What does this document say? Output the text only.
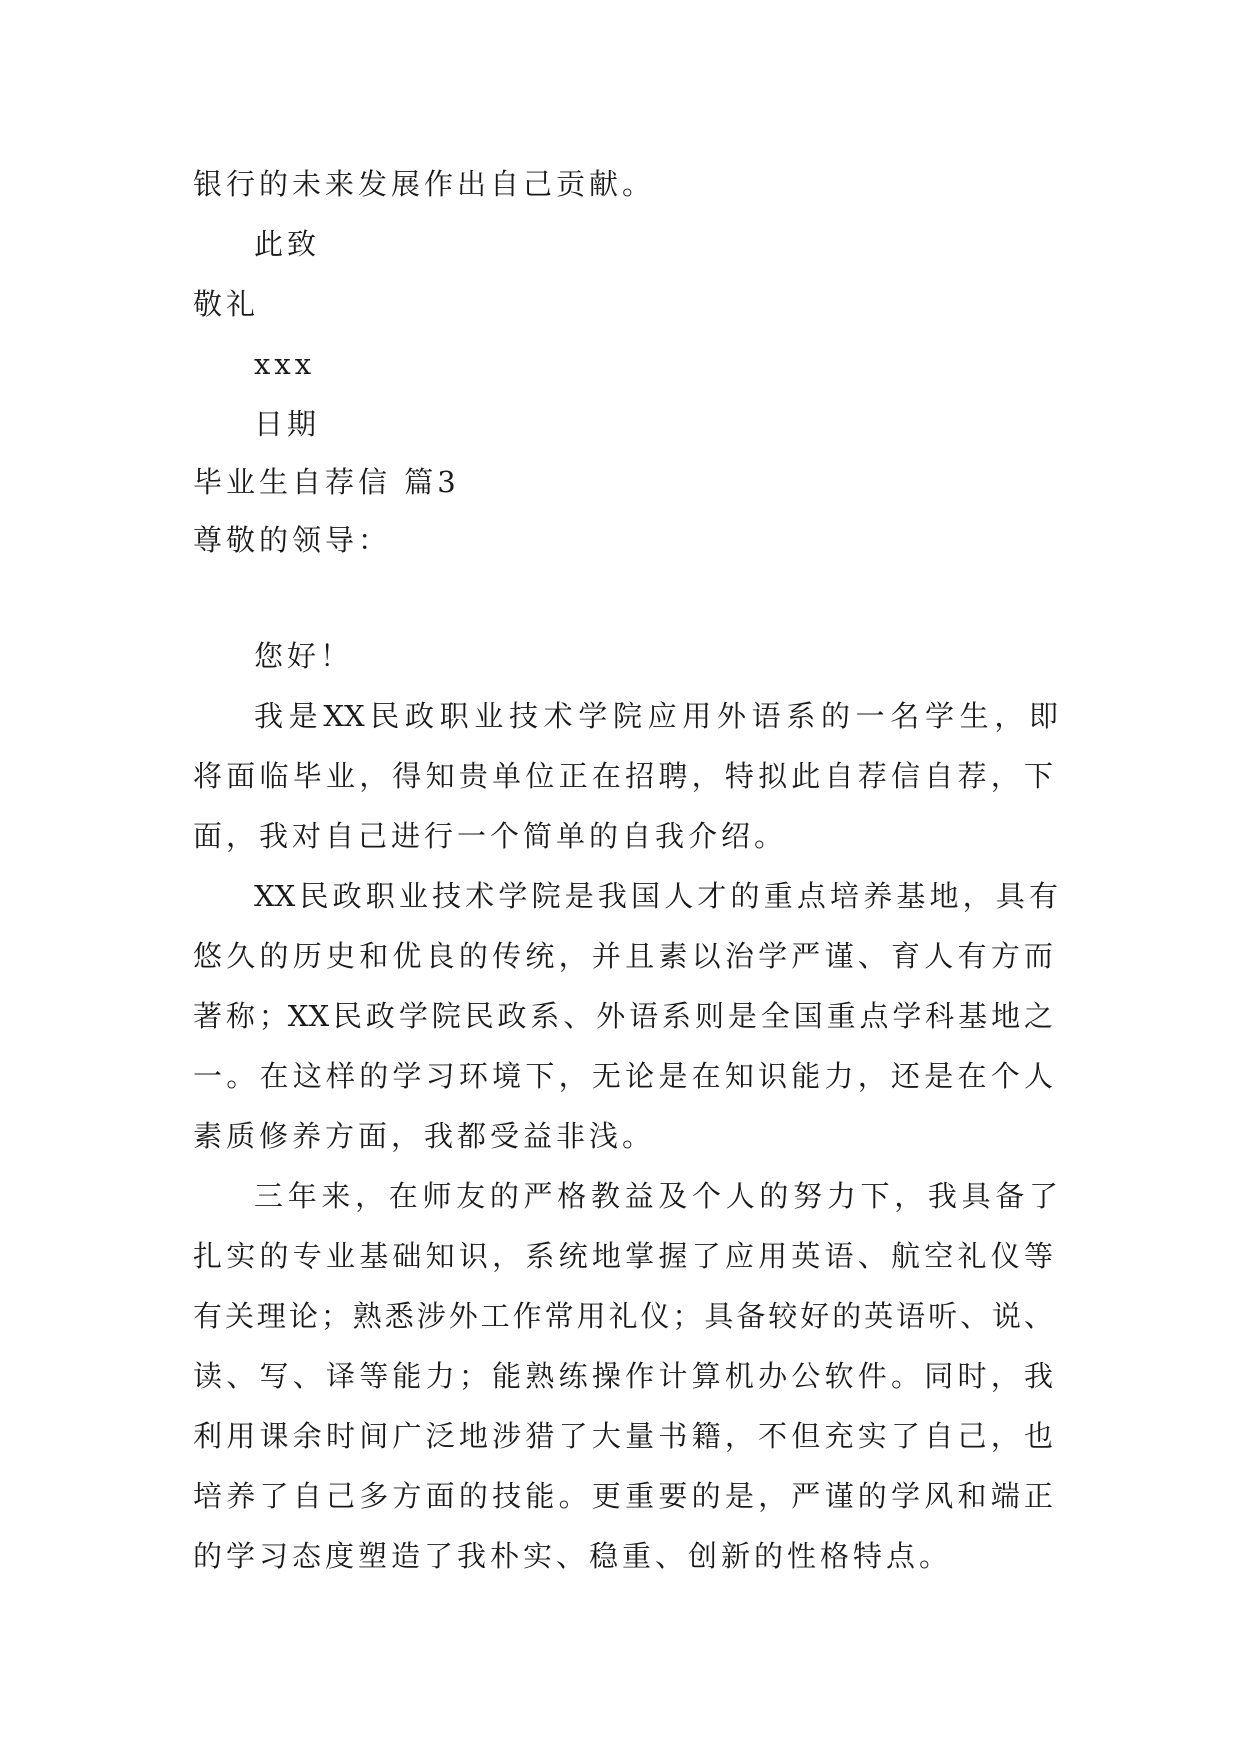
银行的未来发展作出自己贡献。
此致
敬礼
xxx
日期
毕业生自荐信 篇3
尊敬的领导：
您好！
我是XX民政职业技术学院应用外语系的一名学生，即
将面临毕业，得知贵单位正在招聘，特拟此自荐信自荐，下
面，我对自己进行一个简单的自我介绍。
XX民政职业技术学院是我国人才的重点培养基地，具有
悠久的历史和优良的传统，并且素以治学严谨、育人有方而
著称；XX民政学院民政系、外语系则是全国重点学科基地之
一。在这样的学习环境下，无论是在知识能力，还是在个人
素质修养方面，我都受益非浅。
三年来，在师友的严格教益及个人的努力下，我具备了
扎实的专业基础知识，系统地掌握了应用英语、航空礼仪等
有关理论；熟悉涉外工作常用礼仪；具备较好的英语听、说、
读、写、译等能力；能熟练操作计算机办公软件。同时，我
利用课余时间广泛地涉猎了大量书籍，不但充实了自己，也
培养了自己多方面的技能。更重要的是，严谨的学风和端正
的学习态度塑造了我朴实、稳重、创新的性格特点。
